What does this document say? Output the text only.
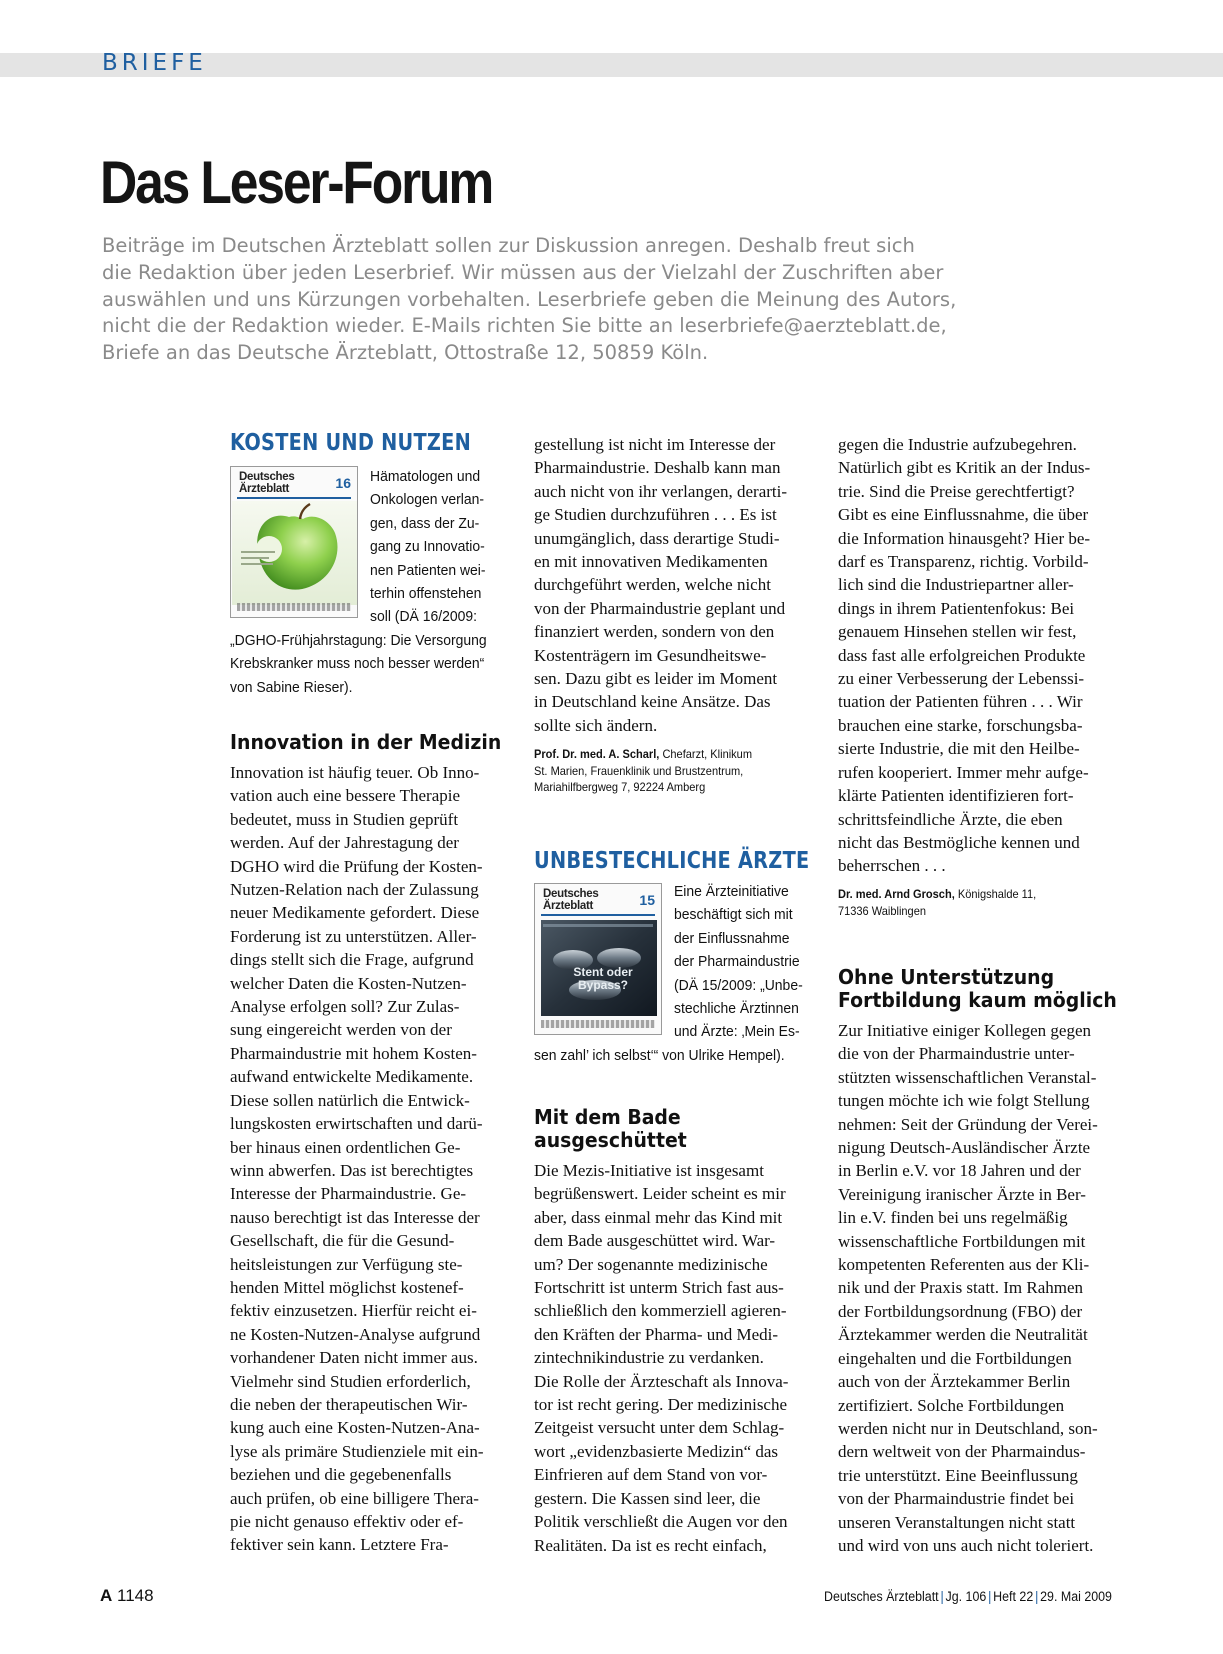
BRIEFE
Das Leser-Forum
Beiträge im Deutschen Ärzteblatt sollen zur Diskussion anregen. Deshalb freut sich
die Redaktion über jeden Leserbrief. Wir müssen aus der Vielzahl der Zuschriften aber
auswählen und uns Kürzungen vorbehalten. Leserbriefe geben die Meinung des Autors,
nicht die der Redaktion wieder. E-Mails richten Sie bitte an leserbriefe@aerzteblatt.de,
Briefe an das Deutsche Ärzteblatt, Ottostraße 12, 50859 Köln.
KOSTEN UND NUTZEN
Deutsches
Ärzteblatt	16 Hämatologen und
Onkologen verlan-
gen, dass der Zu-
gang zu Innovatio-
nen Patienten wei-
terhin offenstehen
soll (DÄ 16/2009:
„DGHO-Frühjahrstagung: Die Versorgung
Krebskranker muss noch besser werden“
von Sabine Rieser).
Innovation in der Medizin
Innovation ist häufig teuer. Ob Inno-
vation auch eine bessere Therapie
bedeutet, muss in Studien geprüft
werden. Auf der Jahrestagung der
DGHO wird die Prüfung der Kosten-
Nutzen-Relation nach der Zulassung
neuer Medikamente gefordert. Diese
Forderung ist zu unterstützen. Aller-
dings stellt sich die Frage, aufgrund
welcher Daten die Kosten-Nutzen-
Analyse erfolgen soll? Zur Zulas-
sung eingereicht werden von der
Pharmaindustrie mit hohem Kosten-
aufwand entwickelte Medikamente.
Diese sollen natürlich die Entwick-
lungskosten erwirtschaften und darü-
ber hinaus einen ordentlichen Ge-
winn abwerfen. Das ist berechtigtes
Interesse der Pharmaindustrie. Ge-
nauso berechtigt ist das Interesse der
Gesellschaft, die für die Gesund-
heitsleistungen zur Verfügung ste-
henden Mittel möglichst kostenef-
fektiv einzusetzen. Hierfür reicht ei-
ne Kosten-Nutzen-Analyse aufgrund
vorhandener Daten nicht immer aus.
Vielmehr sind Studien erforderlich,
die neben der therapeutischen Wir-
kung auch eine Kosten-Nutzen-Ana-
lyse als primäre Studienziele mit ein-
beziehen und die gegebenenfalls
auch prüfen, ob eine billigere Thera-
pie nicht genauso effektiv oder ef-
fektiver sein kann. Letztere Fra-
gestellung ist nicht im Interesse der
Pharmaindustrie. Deshalb kann man
auch nicht von ihr verlangen, derarti-
ge Studien durchzuführen . . . Es ist
unumgänglich, dass derartige Studi-
en mit innovativen Medikamenten
durchgeführt werden, welche nicht
von der Pharmaindustrie geplant und
finanziert werden, sondern von den
Kostenträgern im Gesundheitswe-
sen. Dazu gibt es leider im Moment
in Deutschland keine Ansätze. Das
sollte sich ändern.
Prof. Dr. med. A. Scharl, Chefarzt, Klinikum
St. Marien, Frauenklinik und Brustzentrum,
Mariahilfbergweg 7, 92224 Amberg
UNBESTECHLICHE ÄRZTE
Deutsches
Ärzteblatt	15
Stent oder
Bypass?
Eine Ärzteinitiative
beschäftigt sich mit
der Einflussnahme
der Pharmaindustrie
(DÄ 15/2009: „Unbe-
stechliche Ärztinnen
und Ärzte: ‚Mein Es-
sen zahl’ ich selbst‘“ von Ulrike Hempel).
Mit dem Bade
ausgeschüttet
Die Mezis-Initiative ist insgesamt
begrüßenswert. Leider scheint es mir
aber, dass einmal mehr das Kind mit
dem Bade ausgeschüttet wird. War-
um? Der sogenannte medizinische
Fortschritt ist unterm Strich fast aus-
schließlich den kommerziell agieren-
den Kräften der Pharma- und Medi-
zintechnikindustrie zu verdanken.
Die Rolle der Ärzteschaft als Innova-
tor ist recht gering. Der medizinische
Zeitgeist versucht unter dem Schlag-
wort „evidenzbasierte Medizin“ das
Einfrieren auf dem Stand von vor-
gestern. Die Kassen sind leer, die
Politik verschließt die Augen vor den
Realitäten. Da ist es recht einfach,
gegen die Industrie aufzubegehren.
Natürlich gibt es Kritik an der Indus-
trie. Sind die Preise gerechtfertigt?
Gibt es eine Einflussnahme, die über
die Information hinausgeht? Hier be-
darf es Transparenz, richtig. Vorbild-
lich sind die Industriepartner aller-
dings in ihrem Patientenfokus: Bei
genauem Hinsehen stellen wir fest,
dass fast alle erfolgreichen Produkte
zu einer Verbesserung der Lebenssi-
tuation der Patienten führen . . . Wir
brauchen eine starke, forschungsba-
sierte Industrie, die mit den Heilbe-
rufen kooperiert. Immer mehr aufge-
klärte Patienten identifizieren fort-
schrittsfeindliche Ärzte, die eben
nicht das Bestmögliche kennen und
beherrschen . . .
Dr. med. Arnd Grosch, Königshalde 11,
71336 Waiblingen
Ohne Unterstützung
Fortbildung kaum möglich
Zur Initiative einiger Kollegen gegen
die von der Pharmaindustrie unter-
stützten wissenschaftlichen Veranstal-
tungen möchte ich wie folgt Stellung
nehmen: Seit der Gründung der Verei-
nigung Deutsch-Ausländischer Ärzte
in Berlin e.V. vor 18 Jahren und der
Vereinigung iranischer Ärzte in Ber-
lin e.V. finden bei uns regelmäßig
wissenschaftliche Fortbildungen mit
kompetenten Referenten aus der Kli-
nik und der Praxis statt. Im Rahmen
der Fortbildungsordnung (FBO) der
Ärztekammer werden die Neutralität
eingehalten und die Fortbildungen
auch von der Ärztekammer Berlin
zertifiziert. Solche Fortbildungen
werden nicht nur in Deutschland, son-
dern weltweit von der Pharmaindus-
trie unterstützt. Eine Beeinflussung
von der Pharmaindustrie findet bei
unseren Veranstaltungen nicht statt
und wird von uns auch nicht toleriert.
A 1148	Deutsches Ärzteblatt | Jg. 106 | Heft 22 | 29. Mai 2009
